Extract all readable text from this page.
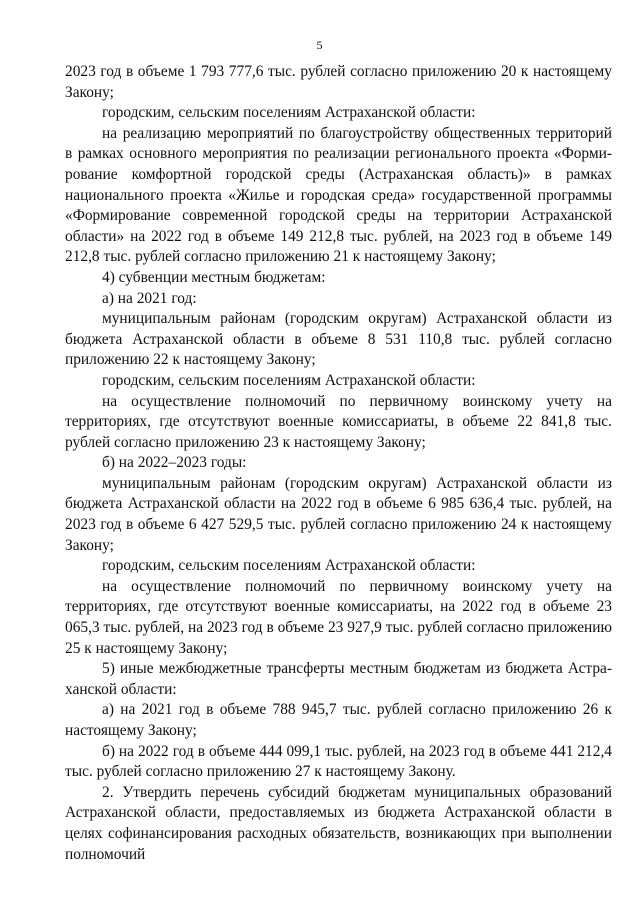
5

2023 год в объеме 1 793 777,6 тыс. рублей согласно приложению 20 к настоящему Закону;

городским, сельским поселениям Астраханской области:

на реализацию мероприятий по благоустройству общественных территорий в рамках основного мероприятия по реализации регионального проекта «Формирование комфортной городской среды (Астраханская область)» в рамках национального проекта «Жилье и городская среда» государственной программы «Формирование современной городской среды на территории Астраханской области» на 2022 год в объеме 149 212,8 тыс. рублей, на 2023 год в объеме 149 212,8 тыс. рублей согласно приложению 21 к настоящему Закону;

4) субвенции местным бюджетам:

а) на 2021 год:

муниципальным районам (городским округам) Астраханской области из бюджета Астраханской области в объеме 8 531 110,8 тыс. рублей согласно приложению 22 к настоящему Закону;

городским, сельским поселениям Астраханской области:

на осуществление полномочий по первичному воинскому учету на территориях, где отсутствуют военные комиссариаты, в объеме 22 841,8 тыс. рублей согласно приложению 23 к настоящему Закону;

б) на 2022–2023 годы:

муниципальным районам (городским округам) Астраханской области из бюджета Астраханской области на 2022 год в объеме 6 985 636,4 тыс. рублей, на 2023 год в объеме 6 427 529,5 тыс. рублей согласно приложению 24 к настоящему Закону;

городским, сельским поселениям Астраханской области:

на осуществление полномочий по первичному воинскому учету на территориях, где отсутствуют военные комиссариаты, на 2022 год в объеме 23 065,3 тыс. рублей, на 2023 год в объеме 23 927,9 тыс. рублей согласно приложению 25 к настоящему Закону;

5) иные межбюджетные трансферты местным бюджетам из бюджета Астраханской области:

а) на 2021 год в объеме 788 945,7 тыс. рублей согласно приложению 26 к настоящему Закону;

б) на 2022 год в объеме 444 099,1 тыс. рублей, на 2023 год в объеме 441 212,4 тыс. рублей согласно приложению 27 к настоящему Закону.

2. Утвердить перечень субсидий бюджетам муниципальных образований Астраханской области, предоставляемых из бюджета Астраханской области в целях софинансирования расходных обязательств, возникающих при выполнении полномочий
